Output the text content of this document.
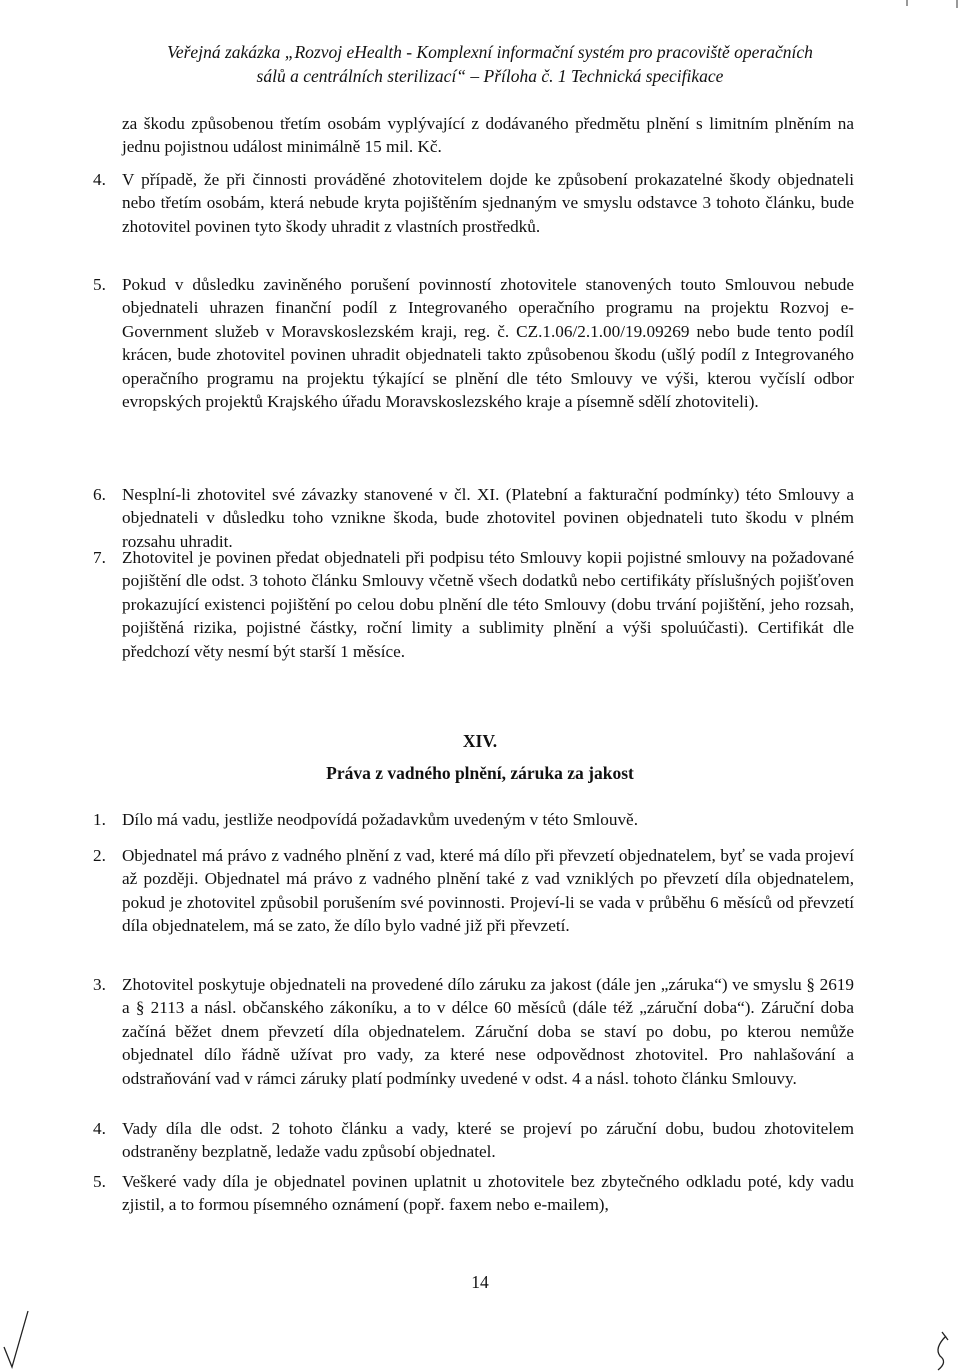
Veřejná zakázka „Rozvoj eHealth - Komplexní informační systém pro pracoviště operačních
sálů a centrálních sterilizací“ – Příloha č. 1 Technická specifikace
za škodu způsobenou třetím osobám vyplývající z dodávaného předmětu plnění s limitním plněním na jednu pojistnou událost minimálně 15 mil. Kč.
4. V případě, že při činnosti prováděné zhotovitelem dojde ke způsobení prokazatelné škody objednateli nebo třetím osobám, která nebude kryta pojištěním sjednaným ve smyslu odstavce 3 tohoto článku, bude zhotovitel povinen tyto škody uhradit z vlastních prostředků.
5. Pokud v důsledku zaviněného porušení povinností zhotovitele stanovených touto Smlouvou nebude objednateli uhrazen finanční podíl z Integrovaného operačního programu na projektu Rozvoj e-Government služeb v Moravskoslezském kraji, reg. č. CZ.1.06/2.1.00/19.09269 nebo bude tento podíl krácen, bude zhotovitel povinen uhradit objednateli takto způsobenou škodu (ušlý podíl z Integrovaného operačního programu na projektu týkající se plnění dle této Smlouvy ve výši, kterou vyčíslí odbor evropských projektů Krajského úřadu Moravskoslezského kraje a písemně sdělí zhotoviteli).
6. Nesplní-li zhotovitel své závazky stanovené v čl. XI. (Platební a fakturační podmínky) této Smlouvy a objednateli v důsledku toho vznikne škoda, bude zhotovitel povinen objednateli tuto škodu v plném rozsahu uhradit.
7. Zhotovitel je povinen předat objednateli při podpisu této Smlouvy kopii pojistné smlouvy na požadované pojištění dle odst. 3 tohoto článku Smlouvy včetně všech dodatků nebo certifikáty příslušných pojišťoven prokazující existenci pojištění po celou dobu plnění dle této Smlouvy (dobu trvání pojištění, jeho rozsah, pojištěná rizika, pojistné částky, roční limity a sublimity plnění a výši spoluúčasti). Certifikát dle předchozí věty nesmí být starší 1 měsíce.
XIV.
Práva z vadného plnění, záruka za jakost
1. Dílo má vadu, jestliže neodpovídá požadavkům uvedeným v této Smlouvě.
2. Objednatel má právo z vadného plnění z vad, které má dílo při převzetí objednatelem, byť se vada projeví až později. Objednatel má právo z vadného plnění také z vad vzniklých po převzetí díla objednatelem, pokud je zhotovitel způsobil porušením své povinnosti. Projeví-li se vada v průběhu 6 měsíců od převzetí díla objednatelem, má se zato, že dílo bylo vadné již při převzetí.
3. Zhotovitel poskytuje objednateli na provedené dílo záruku za jakost (dále jen „záruka“) ve smyslu § 2619 a § 2113 a násl. občanského zákoníku, a to v délce 60 měsíců (dále též „záruční doba“). Záruční doba začíná běžet dnem převzetí díla objednatelem. Záruční doba se staví po dobu, po kterou nemůže objednatel dílo řádně užívat pro vady, za které nese odpovědnost zhotovitel. Pro nahlašování a odstraňování vad v rámci záruky platí podmínky uvedené v odst. 4 a násl. tohoto článku Smlouvy.
4. Vady díla dle odst. 2 tohoto článku a vady, které se projeví po záruční dobu, budou zhotovitelem odstraněny bezplatně, ledaže vadu způsobí objednatel.
5. Veškeré vady díla je objednatel povinen uplatnit u zhotovitele bez zbytečného odkladu poté, kdy vadu zjistil, a to formou písemného oznámení (popř. faxem nebo e-mailem),
14
